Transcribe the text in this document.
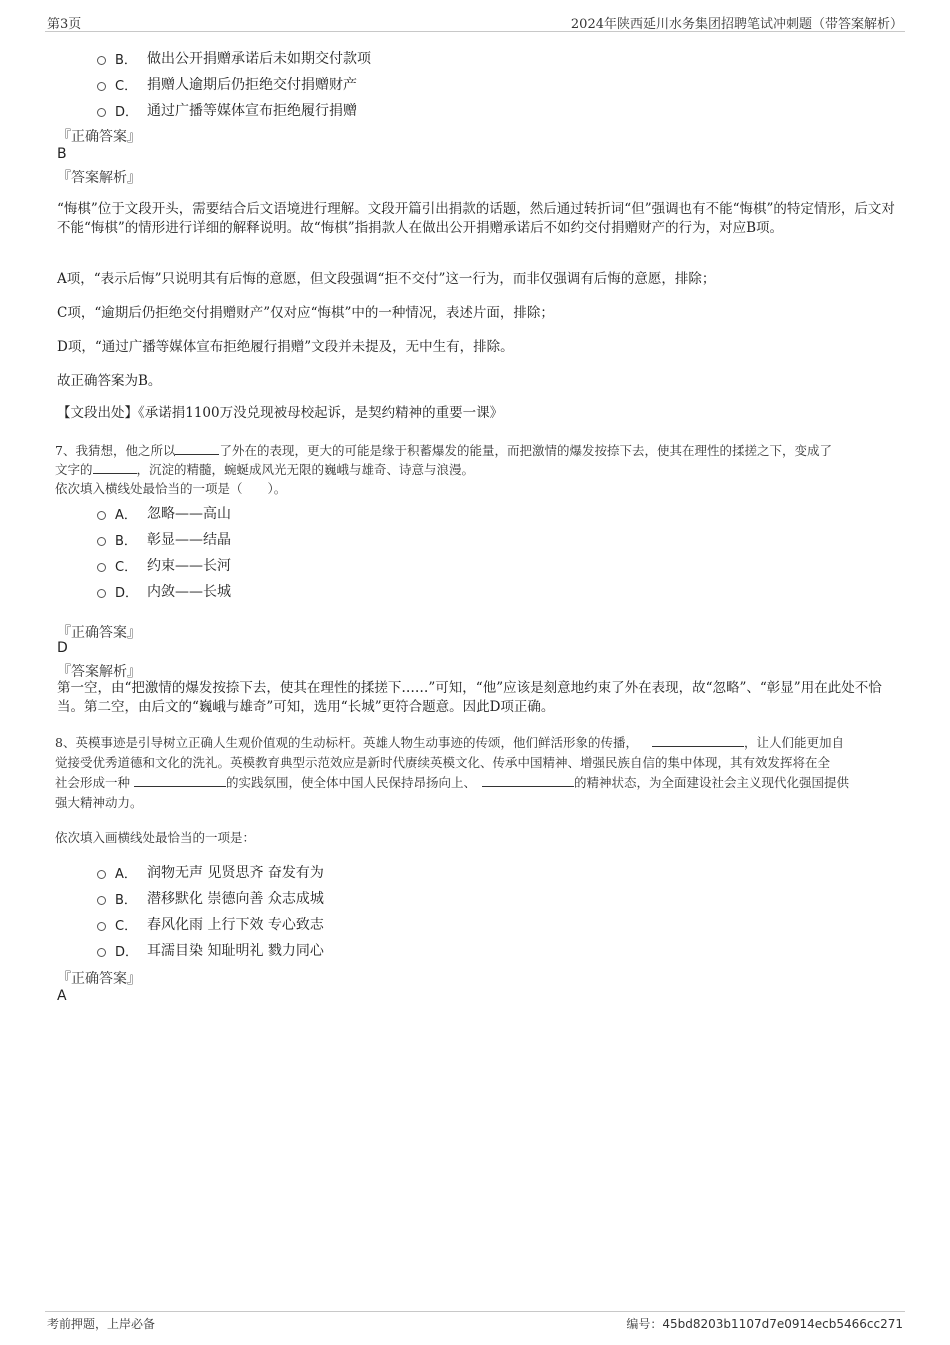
第3页	2024年陕西延川水务集团招聘笔试冲刺题（带答案解析）
B． 做出公开捐赠承诺后未如期交付款项
C． 捐赠人逾期后仍拒绝交付捐赠财产
D． 通过广播等媒体宣布拒绝履行捐赠
『正确答案』
B
『答案解析』
“悔棋”位于文段开头，需要结合后文语境进行理解。文段开篇引出捐款的话题，然后通过转折词“但”强调也有不能“悔棋”的特定情形，后文对不能“悔棋”的情形进行详细的解释说明。故“悔棋”指捐款人在做出公开捐赠承诺后不如约交付捐赠财产的行为，对应B项。
A项，“表示后悔”只说明其有后悔的意愿，但文段强调“拒不交付”这一行为，而非仅强调有后悔的意愿，排除；
C项，“逾期后仍拒绝交付捐赠财产”仅对应“悔棋”中的一种情况，表述片面，排除；
D项，“通过广播等媒体宣布拒绝履行捐赠”文段并未提及，无中生有，排除。
故正确答案为B。
【文段出处】《承诺捐1100万没兑现被母校起诉，是契约精神的重要一课》
7、我猜想，他之所以	了外在的表现，更大的可能是缘于积蓄爆发的能量，而把激情的爆发按捺下去，使其在理性的揉搓之下，变成了
文字的	，沉淀的精髓，蜿蜒成风光无限的巍峨与雄奇、诗意与浪漫。
依次填入横线处最恰当的一项是（　　）。
A． 忽略——高山
B． 彰显——结晶
C． 约束——长河
D． 内敛——长城
『正确答案』
D
『答案解析』
第一空，由“把激情的爆发按捺下去，使其在理性的揉搓下……”可知，“他”应该是刻意地约束了外在表现，故“忽略”、“彰显”用在此处不恰当。第二空，由后文的“巍峨与雄奇”可知，选用“长城”更符合题意。因此D项正确。
8、英模事迹是引导树立正确人生观价值观的生动标杆。英雄人物生动事迹的传颂，他们鲜活形象的传播，	，让人们能更加自
觉接受优秀道德和文化的洗礼。英模教育典型示范效应是新时代赓续英模文化、传承中国精神、增强民族自信的集中体现，其有效发挥将在全
社会形成一种	的实践氛围，使全体中国人民保持昂扬向上、	的精神状态，为全面建设社会主义现代化强国提供
强大精神动力。
依次填入画横线处最恰当的一项是：
A． 润物无声 见贤思齐 奋发有为
B． 潜移默化 崇德向善 众志成城
C． 春风化雨 上行下效 专心致志
D． 耳濡目染 知耻明礼 戮力同心
『正确答案』
A
考前押题，上岸必备	编号：45bd8203b1107d7e0914ecb5466cc271
